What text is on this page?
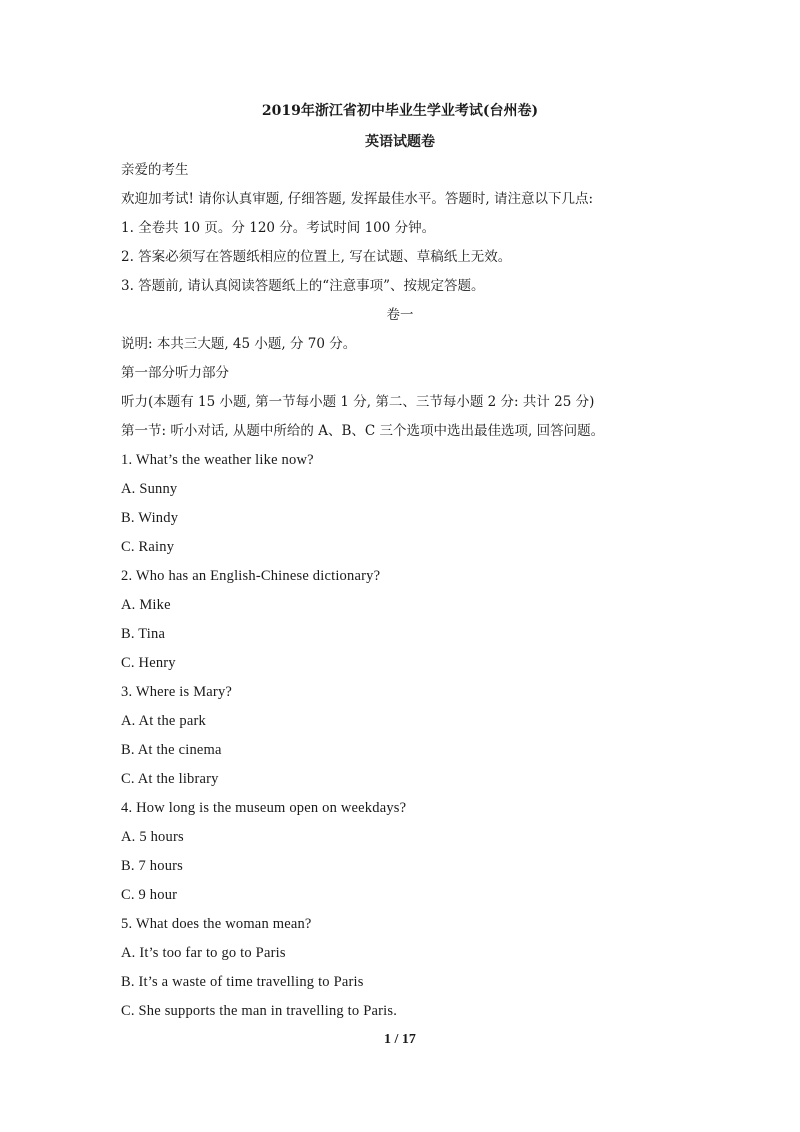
2019年浙江省初中毕业生学业考试(台州卷)
英语试题卷
亲爱的考生
欢迎加考试! 请你认真审题, 仔细答题, 发挥最佳水平。答题时, 请注意以下几点:
1. 全卷共 10 页。分 120 分。考试时间 100 分钟。
2. 答案必须写在答题纸相应的位置上, 写在试题、草稿纸上无效。
3. 答题前, 请认真阅读答题纸上的“注意事项”、按规定答题。
卷一
说明: 本共三大题, 45 小题, 分 70 分。
第一部分听力部分
听力(本题有 15 小题, 第一节每小题 1 分, 第二、三节每小题 2 分: 共计 25 分)
第一节: 听小对话, 从题中所给的 A、B、C 三个选项中选出最佳选项, 回答问题。
1. What’s the weather like now?
A. Sunny
B. Windy
C. Rainy
2. Who has an English-Chinese dictionary?
A. Mike
B. Tina
C. Henry
3. Where is Mary?
A. At the park
B. At the cinema
C. At the library
4. How long is the museum open on weekdays?
A. 5 hours
B. 7 hours
C. 9 hour
5. What does the woman mean?
A. It’s too far to go to Paris
B. It’s a waste of time travelling to Paris
C. She supports the man in travelling to Paris.
1 / 17
